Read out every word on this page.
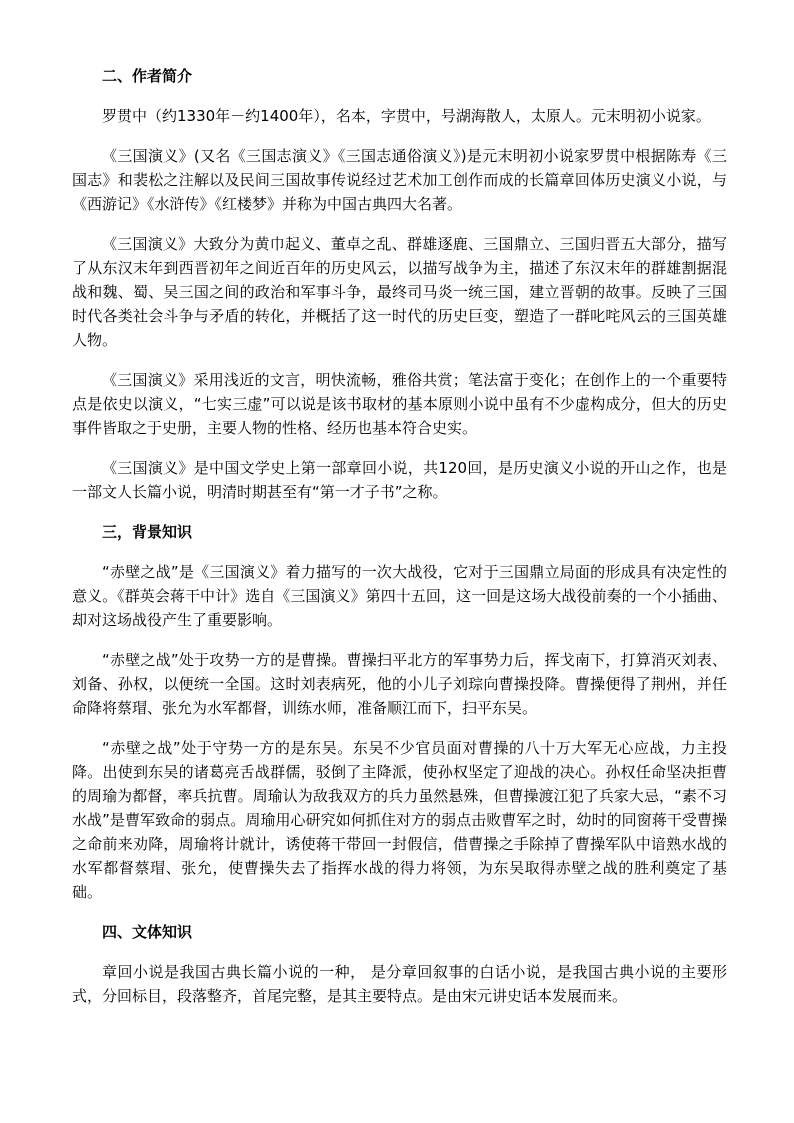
二、作者简介

罗贯中（约1330年－约1400年），名本，字贯中，号湖海散人，太原人。元末明初小说家。

《三国演义》(又名《三国志演义》《三国志通俗演义》)是元末明初小说家罗贯中根据陈寿《三国志》和裴松之注解以及民间三国故事传说经过艺术加工创作而成的长篇章回体历史演义小说，与《西游记》《水浒传》《红楼梦》并称为中国古典四大名著。

《三国演义》大致分为黄巾起义、董卓之乱、群雄逐鹿、三国鼎立、三国归晋五大部分，描写了从东汉末年到西晋初年之间近百年的历史风云，以描写战争为主，描述了东汉末年的群雄割据混战和魏、蜀、吴三国之间的政治和军事斗争，最终司马炎一统三国，建立晋朝的故事。反映了三国时代各类社会斗争与矛盾的转化，并概括了这一时代的历史巨变，塑造了一群叱咤风云的三国英雄人物。

《三国演义》采用浅近的文言，明快流畅，雅俗共赏；笔法富于变化；在创作上的一个重要特点是依史以演义，“七实三虚”可以说是该书取材的基本原则小说中虽有不少虚构成分，但大的历史事件皆取之于史册，主要人物的性格、经历也基本符合史实。

《三国演义》是中国文学史上第一部章回小说，共120回，是历史演义小说的开山之作，也是一部文人长篇小说，明清时期甚至有“第一才子书”之称。

三，背景知识

“赤壁之战”是《三国演义》着力描写的一次大战役，它对于三国鼎立局面的形成具有决定性的意义。《群英会蒋干中计》选自《三国演义》第四十五回，这一回是这场大战役前奏的一个小插曲、却对这场战役产生了重要影响。

“赤壁之战”处于攻势一方的是曹操。曹操扫平北方的军事势力后，挥戈南下，打算消灭刘表、刘备、孙权，以便统一全国。这时刘表病死，他的小儿子刘琮向曹操投降。曹操便得了荆州，并任命降将蔡瑁、张允为水军都督，训练水师，准备顺江而下，扫平东吴。

“赤壁之战”处于守势一方的是东吴。东吴不少官员面对曹操的八十万大军无心应战，力主投降。出使到东吴的诸葛亮舌战群儒，驳倒了主降派，使孙权坚定了迎战的决心。孙权任命坚决拒曹的周瑜为都督，率兵抗曹。周瑜认为敌我双方的兵力虽然悬殊，但曹操渡江犯了兵家大忌，“素不习水战”是曹军致命的弱点。周瑜用心研究如何抓住对方的弱点击败曹军之时，幼时的同窗蒋干受曹操之命前来劝降，周瑜将计就计，诱使蒋干带回一封假信，借曹操之手除掉了曹操军队中谙熟水战的水军都督蔡瑁、张允，使曹操失去了指挥水战的得力将领，为东吴取得赤壁之战的胜利奠定了基础。

四、文体知识

章回小说是我国古典长篇小说的一种， 是分章回叙事的白话小说，是我国古典小说的主要形式，分回标目，段落整齐，首尾完整，是其主要特点。是由宋元讲史话本发展而来。
